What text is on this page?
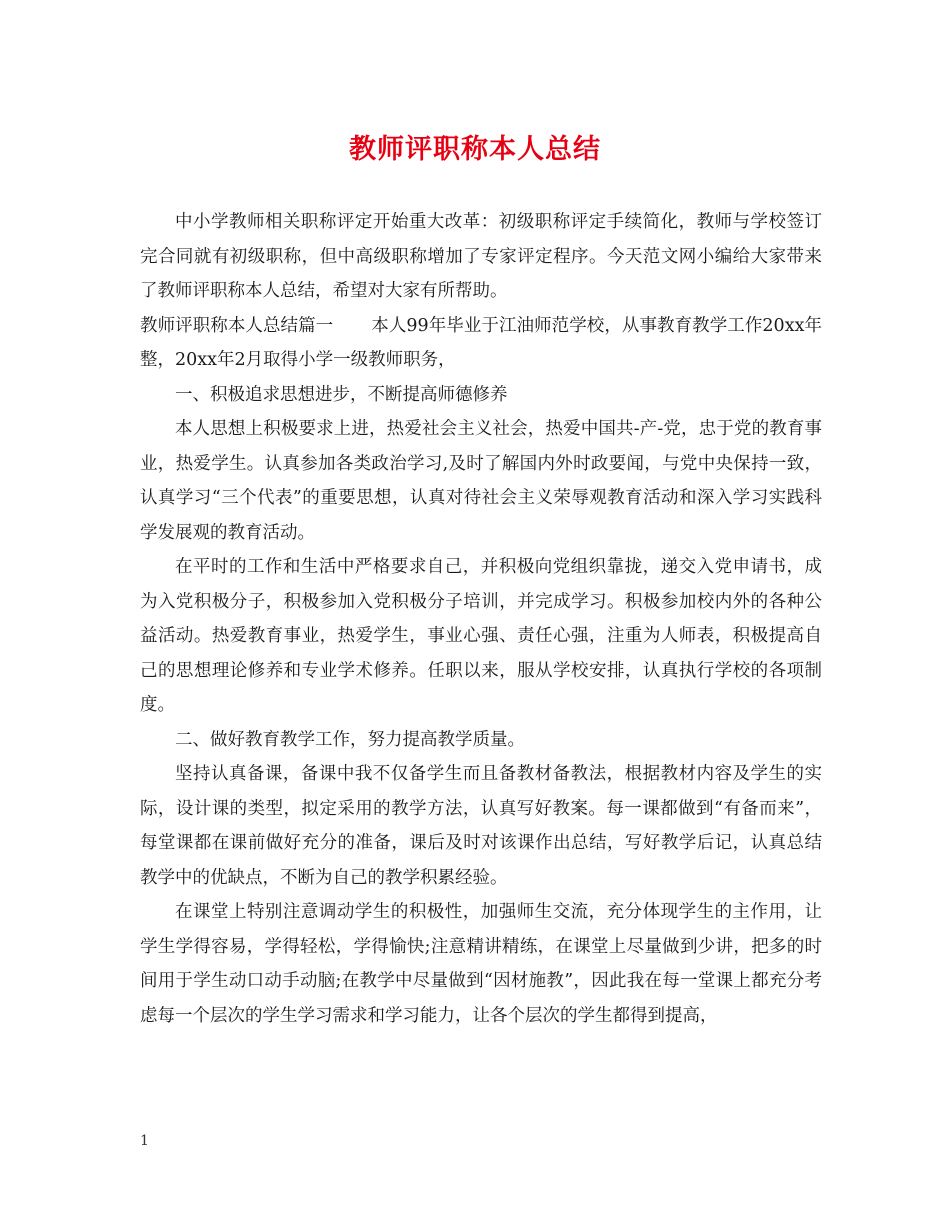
教师评职称本人总结

中小学教师相关职称评定开始重大改革：初级职称评定手续简化，教师与学校签订完合同就有初级职称，但中高级职称增加了专家评定程序。今天范文网小编给大家带来了教师评职称本人总结，希望对大家有所帮助。

教师评职称本人总结篇一 本人99年毕业于江油师范学校，从事教育教学工作20xx年整，20xx年2月取得小学一级教师职务，

一、积极追求思想进步，不断提高师德修养

本人思想上积极要求上进，热爱社会主义社会，热爱中国共-产-党，忠于党的教育事业，热爱学生。认真参加各类政治学习,及时了解国内外时政要闻，与党中央保持一致，认真学习“三个代表”的重要思想，认真对待社会主义荣辱观教育活动和深入学习实践科学发展观的教育活动。

在平时的工作和生活中严格要求自己，并积极向党组织靠拢，递交入党申请书，成为入党积极分子，积极参加入党积极分子培训，并完成学习。积极参加校内外的各种公益活动。热爱教育事业，热爱学生，事业心强、责任心强，注重为人师表，积极提高自己的思想理论修养和专业学术修养。任职以来，服从学校安排，认真执行学校的各项制度。

二、做好教育教学工作，努力提高教学质量。

坚持认真备课，备课中我不仅备学生而且备教材备教法，根据教材内容及学生的实际，设计课的类型，拟定采用的教学方法，认真写好教案。每一课都做到“有备而来”，每堂课都在课前做好充分的准备，课后及时对该课作出总结，写好教学后记，认真总结教学中的优缺点，不断为自己的教学积累经验。

在课堂上特别注意调动学生的积极性，加强师生交流，充分体现学生的主作用，让学生学得容易，学得轻松，学得愉快;注意精讲精练，在课堂上尽量做到少讲，把多的时间用于学生动口动手动脑;在教学中尽量做到“因材施教”，因此我在每一堂课上都充分考虑每一个层次的学生学习需求和学习能力，让各个层次的学生都得到提高，

1
